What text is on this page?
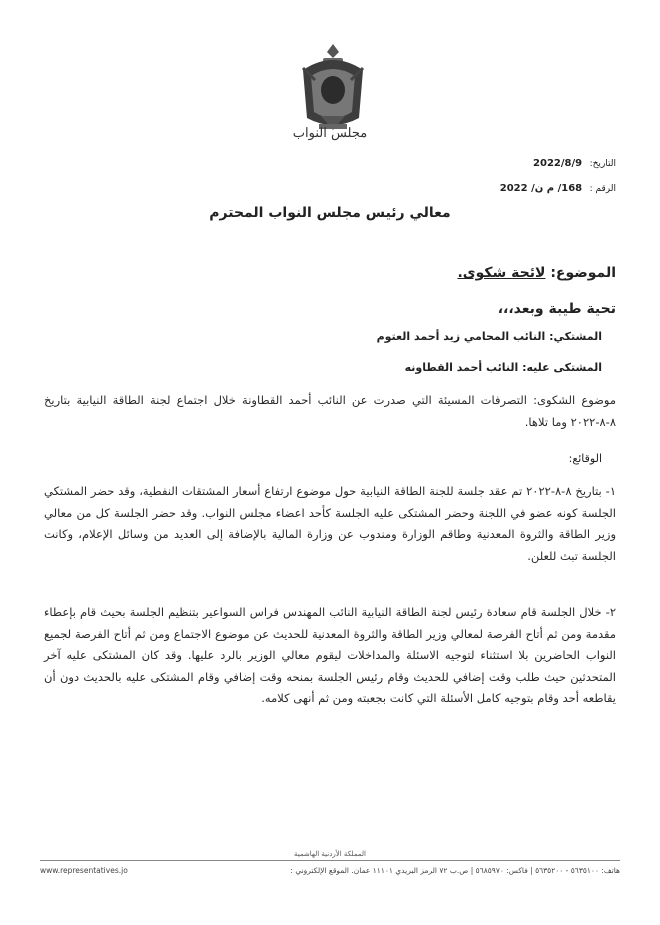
مجلس النواب
التاريخ: 2022/8/9
الرقم : 168/ م ن/ 2022
معالي رئيس مجلس النواب المحترم
الموضوع: لائحة شكوى.
تحية طيبة وبعد،،،
المشتكي: النائب المحامي زيد أحمد العتوم
المشتكى عليه: النائب أحمد القطاونه
موضوع الشكوى: التصرفات المسيئة التي صدرت عن النائب أحمد القطاونة خلال اجتماع لجنة الطاقة النيابية بتاريخ ٨-٨-٢٠٢٢ وما تلاها.
الوقائع:
١- بتاريخ ٨-٨-٢٠٢٢ تم عقد جلسة للجنة الطاقة النيابية حول موضوع ارتفاع أسعار المشتقات النفطية، وقد حضر المشتكي الجلسة كونه عضو في اللجنة وحضر المشتكى عليه الجلسة كأحد اعضاء مجلس النواب. وقد حضر الجلسة كل من معالي وزير الطاقة والثروة المعدنية وطاقم الوزارة ومندوب عن وزارة المالية بالإضافة إلى العديد من وسائل الإعلام، وكانت الجلسة تبث للعلن.
٢- خلال الجلسة قام سعادة رئيس لجنة الطاقة النيابية النائب المهندس فراس السواعير بتنظيم الجلسة بحيث قام بإعطاء مقدمة ومن ثم أتاح الفرصة لمعالي وزير الطاقة والثروة المعدنية للحديث عن موضوع الاجتماع ومن ثم أتاح الفرصة لجميع النواب الحاضرين بلا استثناء لتوجيه الاسئلة والمداخلات ليقوم معالي الوزير بالرد عليها. وقد كان المشتكى عليه آخر المتحدثين حيث طلب وقت إضافي للحديث وقام رئيس الجلسة بمنحه وقت إضافي وقام المشتكى عليه بالحديث دون أن يقاطعه أحد وقام بتوجيه كامل الأسئلة التي كانت بجعبته ومن ثم أنهى كلامه.
المملكة الأردنية الهاشمية
هاتف: ٥٦٣٥١٠٠ - ٥٦٣٥٢٠٠ | فاكس: ٥٦٨٥٩٧٠ | ص.ب ٧٢ الرمز البريدي ١١١٠١ عمان. الموقع الإلكتروني :
www.representatives.jo
